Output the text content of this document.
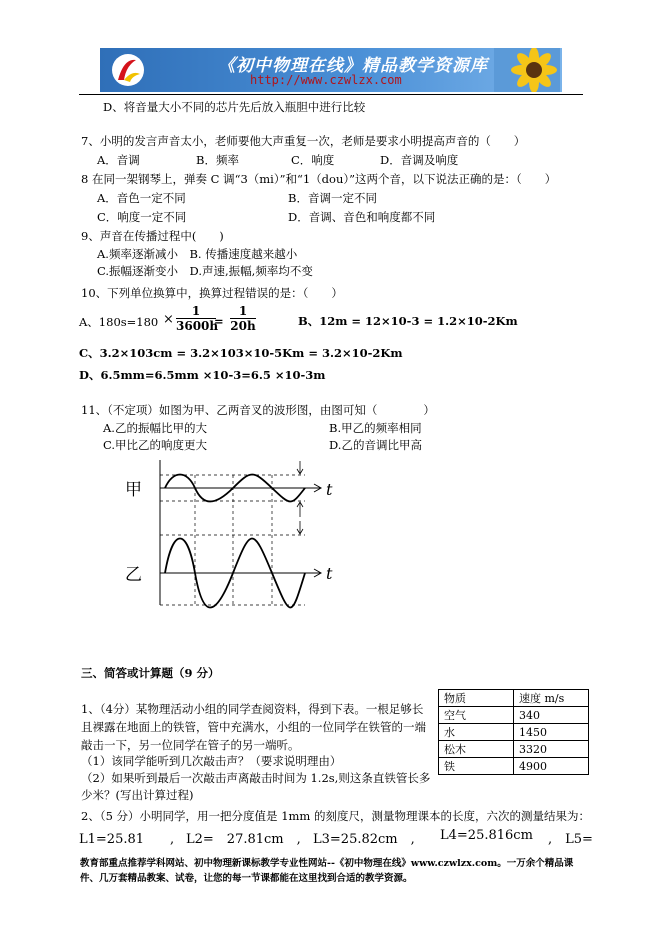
《初中物理在线》精品教学资源库
http://www.czwlzx.com
D、将音量大小不同的芯片先后放入瓶胆中进行比较
7、小明的发言声音太小，老师要他大声重复一次，老师是要求小明提高声音的（　　）
A．音调	B．频率	C．响度	D．音调及响度
8 在同一架钢琴上，弹奏 C 调“3（mi）”和“1（dou）”这两个音，以下说法正确的是：（　　）
A．音色一定不同	B．音调一定不同
C．响度一定不同	D．音调、音色和响度都不同
9、声音在传播过程中(　　)
A.频率逐渐减小　B. 传播速度越来越小
C.振幅逐渐变小　D.声速,振幅,频率均不变
10、下列单位换算中，换算过程错误的是：（　　）
A、$180s=180 \times \frac{1}{3600h}$
= $\frac{1}{20h}$	B、12m = 12×10-3 = 1.2×10-2Km
C、3.2×103cm = 3.2×103×10-5Km = 3.2×10-2Km
D、6.5mm=6.5mm ×10-3=6.5 ×10-3m
11、（不定项）如图为甲、乙两音叉的波形图，由图可知（　　　　）
A.乙的振幅比甲的大	B.甲乙的频率相同
C.甲比乙的响度更大	D.乙的音调比甲高
甲
乙
t
t
三、简答或计算题（9 分）
1、（4分）某物理活动小组的同学查阅资料，得到下表。一根足够长
且裸露在地面上的铁管，管中充满水，小组的一位同学在铁管的一端
敲击一下，另一位同学在管子的另一端听。
（1）该同学能听到几次敲击声？（要求说明理由）
（2）如果听到最后一次敲击声离敲击时间为 1.2s,则这条直铁管长多
少米？(写出计算过程)
物质	速度 m/s
空气	340
水	1450
松木	3320
铁	4900
2、（5 分）小明同学，用一把分度值是 1mm 的刻度尺，测量物理课本的长度，六次的测量结果为：
L1=25.81　　, L2=　27.81cm　, L3=25.82cm　, L4=25.816cm ,　L5=
教育部重点推荐学科网站、初中物理新课标教学专业性网站--《初中物理在线》www.czwlzx.com。一万余个精品课件、几万套精品教案、试卷，让您的每一节课都能在这里找到合适的教学资源。
